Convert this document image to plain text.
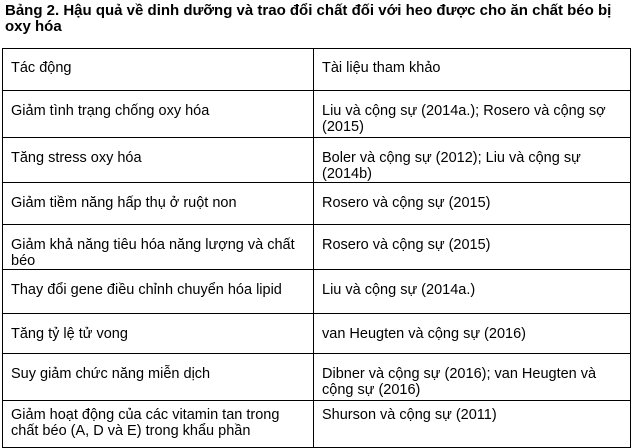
Bảng 2. Hậu quả về dinh dưỡng và trao đổi chất đối với heo được cho ăn chất béo bị oxy hóa
Tác động	Tài liệu tham khảo
Giảm tình trạng chống oxy hóa	Liu và cộng sự (2014a.); Rosero và cộng sợ (2015)
Tăng stress oxy hóa	Boler và cộng sự (2012); Liu và cộng sự (2014b)
Giảm tiềm năng hấp thụ ở ruột non	Rosero và cộng sự (2015)
Giảm khả năng tiêu hóa năng lượng và chất béo	Rosero và cộng sự (2015)
Thay đổi gene điều chỉnh chuyển hóa lipid	Liu và cộng sự (2014a.)
Tăng tỷ lệ tử vong	van Heugten và cộng sự (2016)
Suy giảm chức năng miễn dịch	Dibner và cộng sự (2016); van Heugten và cộng sự (2016)
Giảm hoạt động của các vitamin tan trong chất béo (A, D và E) trong khẩu phần	Shurson và cộng sự (2011)
